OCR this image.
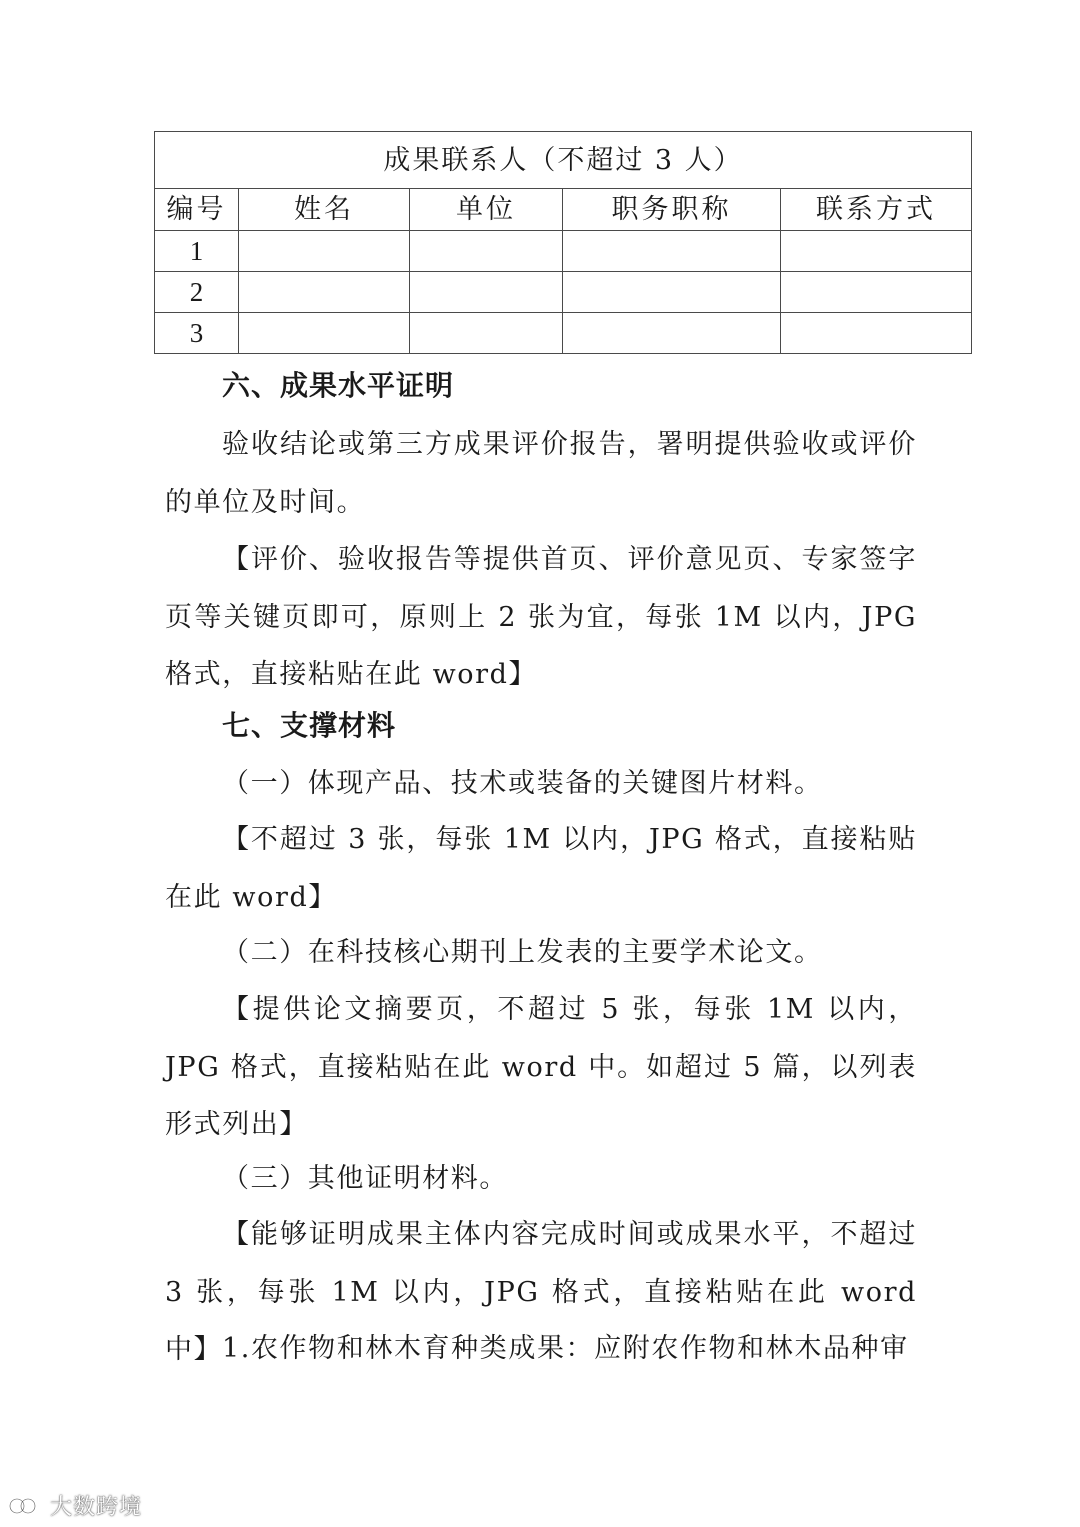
成果联系人（不超过 3 人）				
编号	姓名	单位	职务职称	联系方式
1				
2				
3				
六、成果水平证明

验收结论或第三方成果评价报告，署明提供验收或评价的单位及时间。

【评价、验收报告等提供首页、评价意见页、专家签字页等关键页即可，原则上 2 张为宜，每张 1M 以内，JPG 格式，直接粘贴在此 word】

七、支撑材料

（一）体现产品、技术或装备的关键图片材料。

【不超过 3 张，每张 1M 以内，JPG 格式，直接粘贴在此 word】

（二）在科技核心期刊上发表的主要学术论文。

【提供论文摘要页，不超过 5 张，每张 1M 以内，JPG 格式，直接粘贴在此 word 中。如超过 5 篇，以列表形式列出】

（三）其他证明材料。

【能够证明成果主体内容完成时间或成果水平，不超过 3 张，每张 1M 以内，JPG 格式，直接粘贴在此 word 中】 1.农作物和林木育种类成果：应附农作物和林木品种审

大数跨境
